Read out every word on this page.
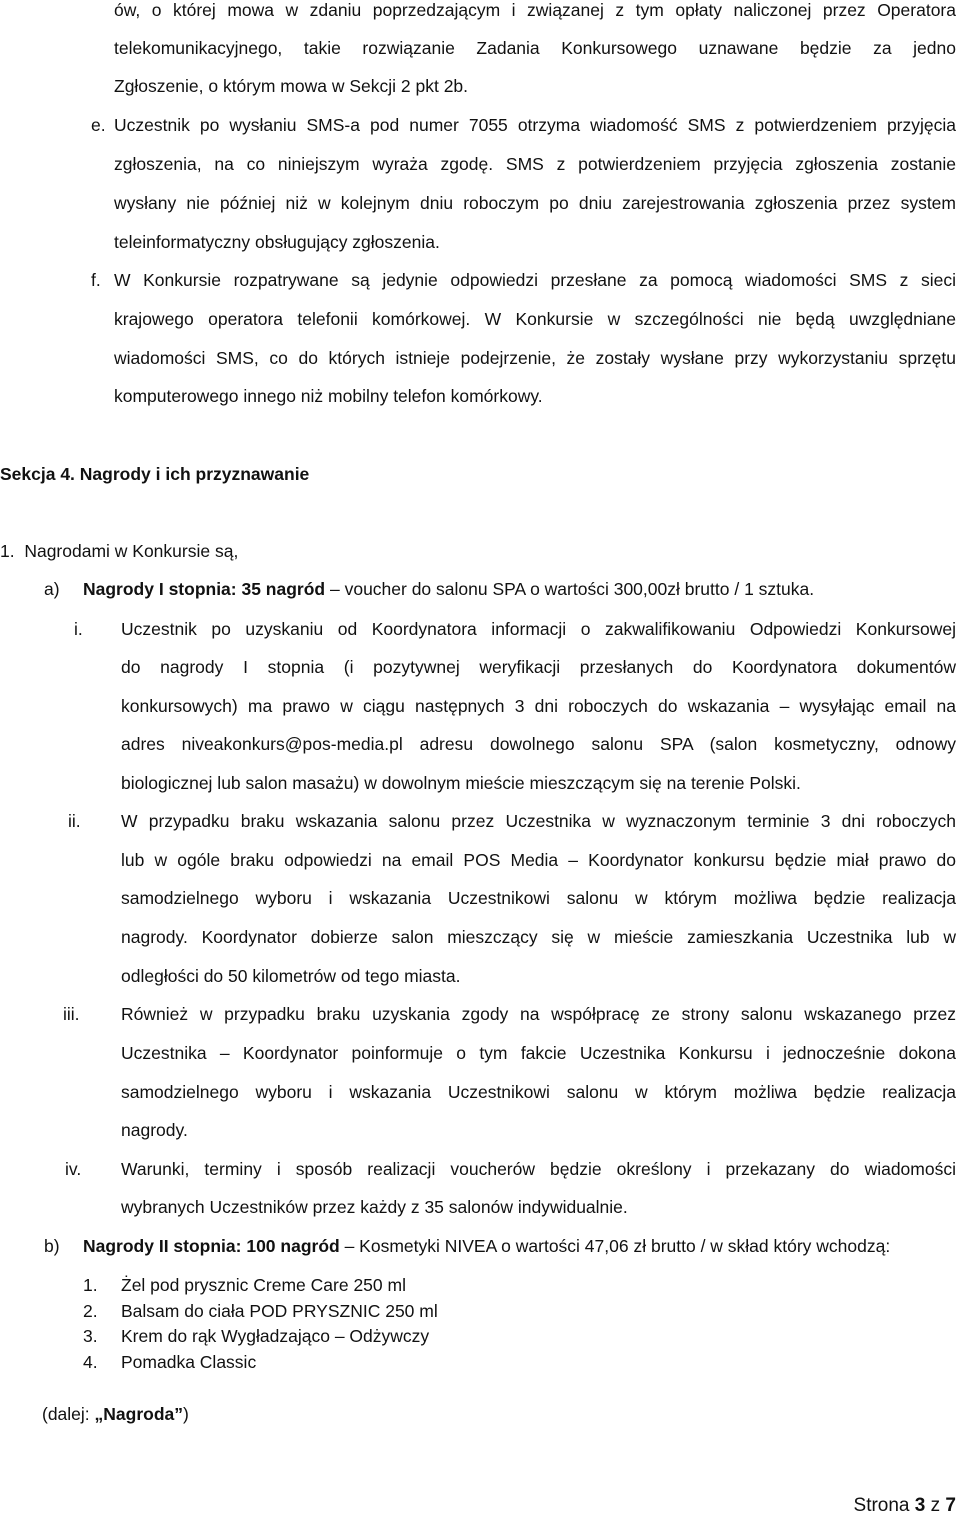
ów, o której mowa w zdaniu poprzedzającym i związanej z tym opłaty naliczonej przez Operatora
telekomunikacyjnego, takie rozwiązanie Zadania Konkursowego uznawane będzie za jedno
Zgłoszenie, o którym mowa w Sekcji 2 pkt 2b.
e. Uczestnik po wysłaniu SMS-a pod numer 7055 otrzyma wiadomość SMS z potwierdzeniem przyjęcia
zgłoszenia, na co niniejszym wyraża zgodę. SMS z potwierdzeniem przyjęcia zgłoszenia zostanie
wysłany nie później niż w kolejnym dniu roboczym po dniu zarejestrowania zgłoszenia przez system
teleinformatyczny obsługujący zgłoszenia.
f. W Konkursie rozpatrywane są jedynie odpowiedzi przesłane za pomocą wiadomości SMS z sieci
krajowego operatora telefonii komórkowej. W Konkursie w szczególności nie będą uwzględniane
wiadomości SMS, co do których istnieje podejrzenie, że zostały wysłane przy wykorzystaniu sprzętu
komputerowego innego niż mobilny telefon komórkowy.
Sekcja 4. Nagrody i ich przyznawanie
1.  Nagrodami w Konkursie są,
a) Nagrody I stopnia: 35 nagród – voucher do salonu SPA o wartości 300,00zł brutto / 1 sztuka.
i. Uczestnik po uzyskaniu od Koordynatora informacji o zakwalifikowaniu Odpowiedzi Konkursowej
do nagrody I stopnia (i pozytywnej weryfikacji przesłanych do Koordynatora dokumentów
konkursowych) ma prawo w ciągu następnych 3 dni roboczych do wskazania – wysyłając email na
adres niveakonkurs@pos-media.pl adresu dowolnego salonu SPA (salon kosmetyczny, odnowy
biologicznej lub salon masażu) w dowolnym mieście mieszczącym się na terenie Polski.
ii. W przypadku braku wskazania salonu przez Uczestnika w wyznaczonym terminie 3 dni roboczych
lub w ogóle braku odpowiedzi na email POS Media – Koordynator konkursu będzie miał prawo do
samodzielnego wyboru i wskazania Uczestnikowi salonu w którym możliwa będzie realizacja
nagrody. Koordynator dobierze salon mieszczący się w mieście zamieszkania Uczestnika lub w
odległości do 50 kilometrów od tego miasta.
iii. Również w przypadku braku uzyskania zgody na współpracę ze strony salonu wskazanego przez
Uczestnika – Koordynator poinformuje o tym fakcie Uczestnika Konkursu i jednocześnie dokona
samodzielnego wyboru i wskazania Uczestnikowi salonu w którym możliwa będzie realizacja
nagrody.
iv. Warunki, terminy i sposób realizacji voucherów będzie określony i przekazany do wiadomości
wybranych Uczestników przez każdy z 35 salonów indywidualnie.
b) Nagrody II stopnia: 100 nagród – Kosmetyki NIVEA o wartości 47,06 zł brutto / w skład który wchodzą:
1. Żel pod prysznic Creme Care 250 ml
2. Balsam do ciała POD PRYSZNIC 250 ml
3. Krem do rąk Wygładzająco – Odżywczy
4. Pomadka Classic
(dalej: „Nagroda”)
Strona 3 z 7
